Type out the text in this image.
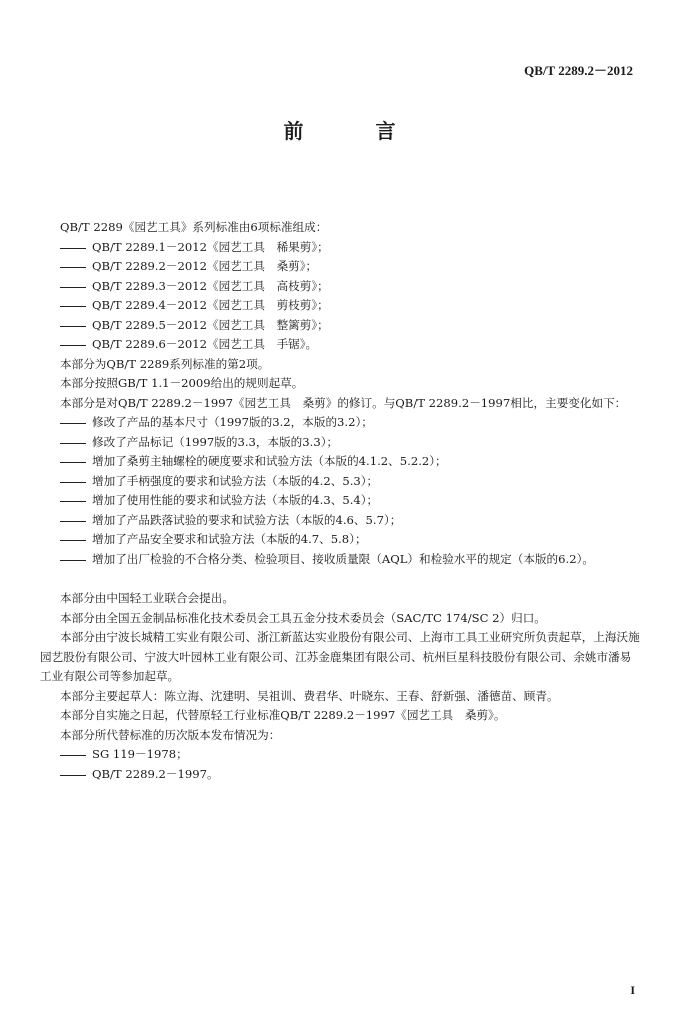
QB/T 2289.2－2012
前　言

QB/T 2289《园艺工具》系列标准由6项标准组成：

QB/T 2289.1－2012《园艺工具　稀果剪》；

QB/T 2289.2－2012《园艺工具　桑剪》；

QB/T 2289.3－2012《园艺工具　高枝剪》；

QB/T 2289.4－2012《园艺工具　剪枝剪》；

QB/T 2289.5－2012《园艺工具　整篱剪》；

QB/T 2289.6－2012《园艺工具　手锯》。

本部分为QB/T 2289系列标准的第2项。

本部分按照GB/T 1.1－2009给出的规则起草。

本部分是对QB/T 2289.2－1997《园艺工具　桑剪》的修订。与QB/T 2289.2－1997相比，主要变化如下：

修改了产品的基本尺寸（1997版的3.2，本版的3.2）；

修改了产品标记（1997版的3.3，本版的3.3）；

增加了桑剪主轴螺栓的硬度要求和试验方法（本版的4.1.2、5.2.2）；

增加了手柄强度的要求和试验方法（本版的4.2、5.3）；

增加了使用性能的要求和试验方法（本版的4.3、5.4）；

增加了产品跌落试验的要求和试验方法（本版的4.6、5.7）；

增加了产品安全要求和试验方法（本版的4.7、5.8）；

增加了出厂检验的不合格分类、检验项目、接收质量限（AQL）和检验水平的规定（本版的6.2）。

本部分由中国轻工业联合会提出。

本部分由全国五金制品标准化技术委员会工具五金分技术委员会（SAC/TC 174/SC 2）归口。

本部分由宁波长城精工实业有限公司、浙江新蓝达实业股份有限公司、上海市工具工业研究所负责起草，上海沃施园艺股份有限公司、宁波大叶园林工业有限公司、江苏金鹿集团有限公司、杭州巨星科技股份有限公司、余姚市潘易工业有限公司等参加起草。

本部分主要起草人：陈立海、沈建明、吴祖训、费君华、叶晓东、王春、舒新强、潘德苗、顾青。

本部分自实施之日起，代替原轻工行业标准QB/T 2289.2－1997《园艺工具　桑剪》。

本部分所代替标准的历次版本发布情况为：

SG 119－1978；

QB/T 2289.2－1997。

I
